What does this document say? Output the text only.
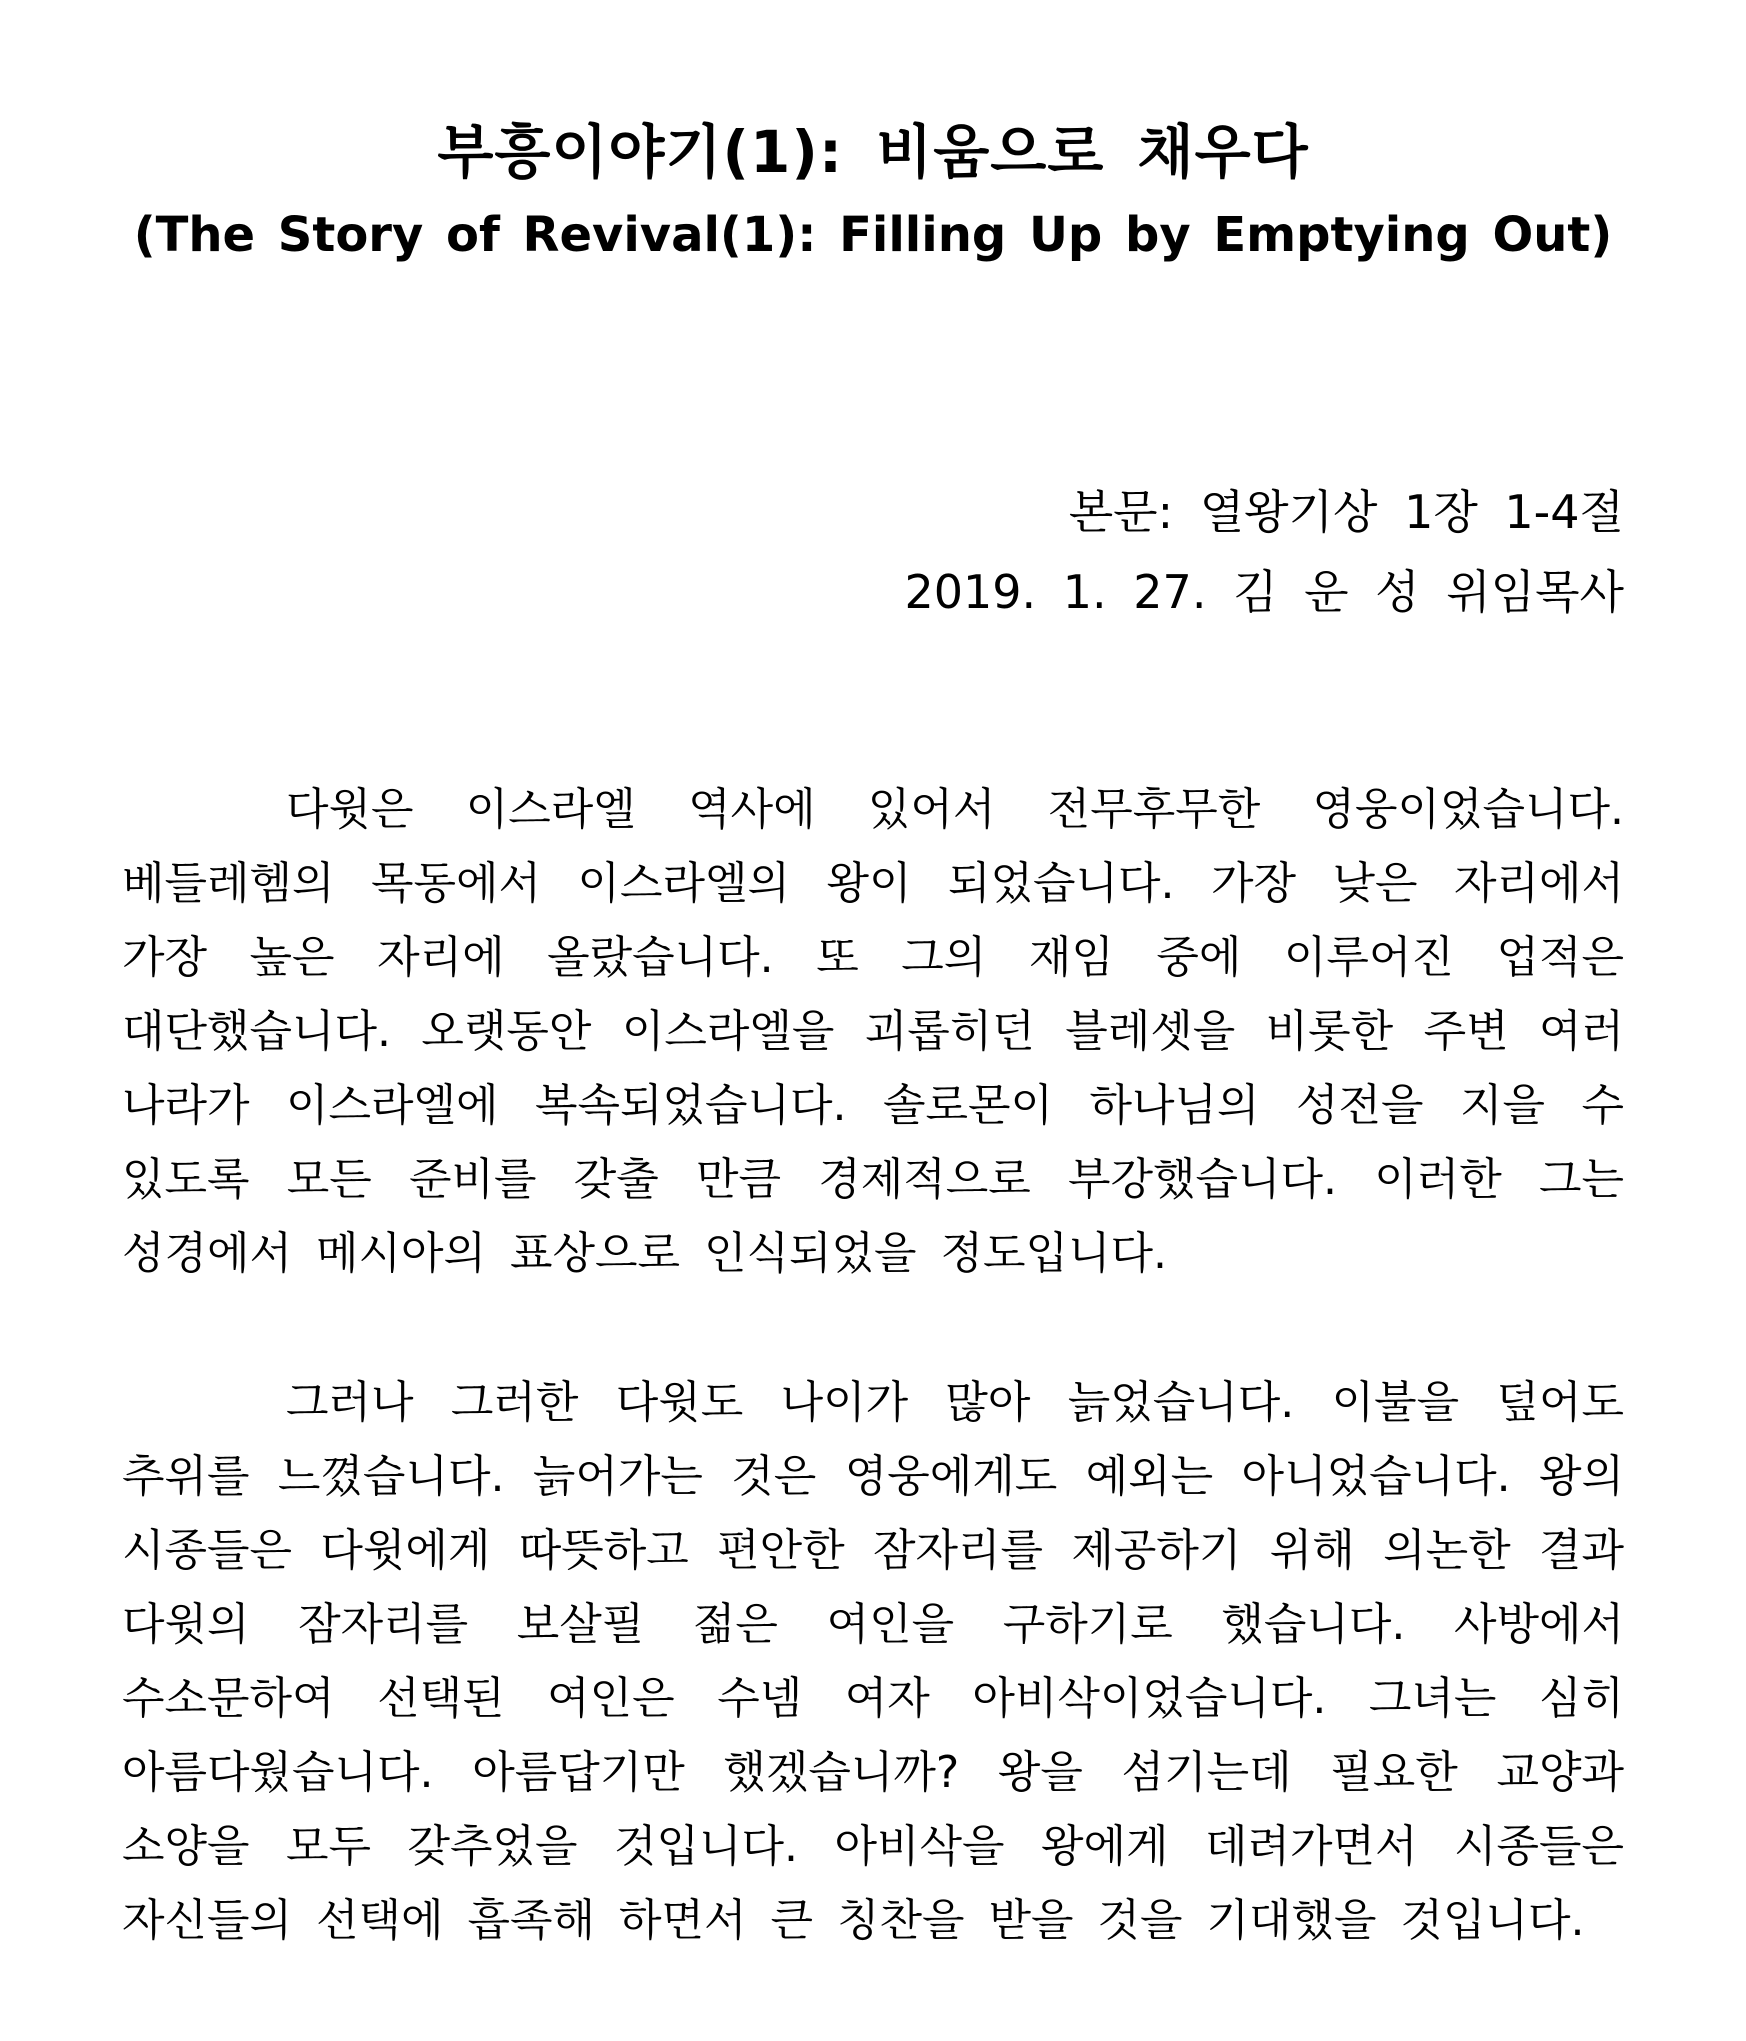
부흥이야기(1): 비움으로 채우다

(The Story of Revival(1): Filling Up by Emptying Out)

본문: 열왕기상 1장 1-4절

2019. 1. 27. 김 운 성 위임목사

다윗은 이스라엘 역사에 있어서 전무후무한 영웅이었습니다. 베들레헴의 목동에서 이스라엘의 왕이 되었습니다. 가장 낮은 자리에서 가장 높은 자리에 올랐습니다. 또 그의 재임 중에 이루어진 업적은 대단했습니다. 오랫동안 이스라엘을 괴롭히던 블레셋을 비롯한 주변 여러 나라가 이스라엘에 복속되었습니다. 솔로몬이 하나님의 성전을 지을 수 있도록 모든 준비를 갖출 만큼 경제적으로 부강했습니다. 이러한 그는 성경에서 메시아의 표상으로 인식되었을 정도입니다.

그러나 그러한 다윗도 나이가 많아 늙었습니다. 이불을 덮어도 추위를 느꼈습니다. 늙어가는 것은 영웅에게도 예외는 아니었습니다. 왕의 시종들은 다윗에게 따뜻하고 편안한 잠자리를 제공하기 위해 의논한 결과 다윗의 잠자리를 보살필 젊은 여인을 구하기로 했습니다. 사방에서 수소문하여 선택된 여인은 수넴 여자 아비삭이었습니다. 그녀는 심히 아름다웠습니다. 아름답기만 했겠습니까? 왕을 섬기는데 필요한 교양과 소양을 모두 갖추었을 것입니다. 아비삭을 왕에게 데려가면서 시종들은 자신들의 선택에 흡족해 하면서 큰 칭찬을 받을 것을 기대했을 것입니다.
